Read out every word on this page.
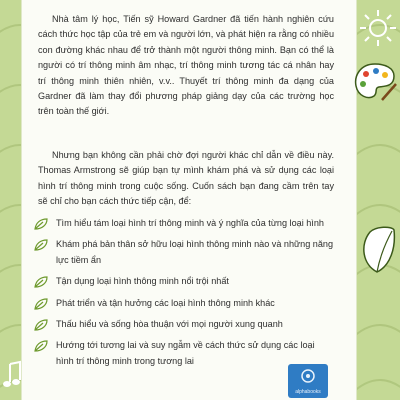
Nhà tâm lý học, Tiến sỹ Howard Gardner đã tiến hành nghiên cứu cách thức học tập của trẻ em và người lớn, và phát hiện ra rằng có nhiều con đường khác nhau để trở thành một người thông minh. Bạn có thể là người có trí thông minh âm nhạc, trí thông minh tương tác cá nhân hay trí thông minh thiên nhiên, v.v.. Thuyết trí thông minh đa dạng của Gardner đã làm thay đổi phương pháp giảng dạy của các trường học trên toàn thế giới.
Nhưng bạn không cần phải chờ đợi người khác chỉ dẫn về điều này. Thomas Armstrong sẽ giúp bạn tự mình khám phá và sử dụng các loại hình trí thông minh trong cuộc sống. Cuốn sách bạn đang cầm trên tay sẽ chỉ cho bạn cách thức tiếp cận, để:
Tìm hiểu tám loại hình trí thông minh và ý nghĩa của từng loại hình
Khám phá bản thân sở hữu loại hình thông minh nào và những năng lực tiềm ẩn
Tận dụng loại hình thông minh nổi trội nhất
Phát triển và tận hưởng các loại hình thông minh khác
Thấu hiểu và sống hòa thuận với mọi người xung quanh
Hướng tới tương lai và suy ngẫm về cách thức sử dụng các loại hình trí thông minh trong tương lai
alphabooks
